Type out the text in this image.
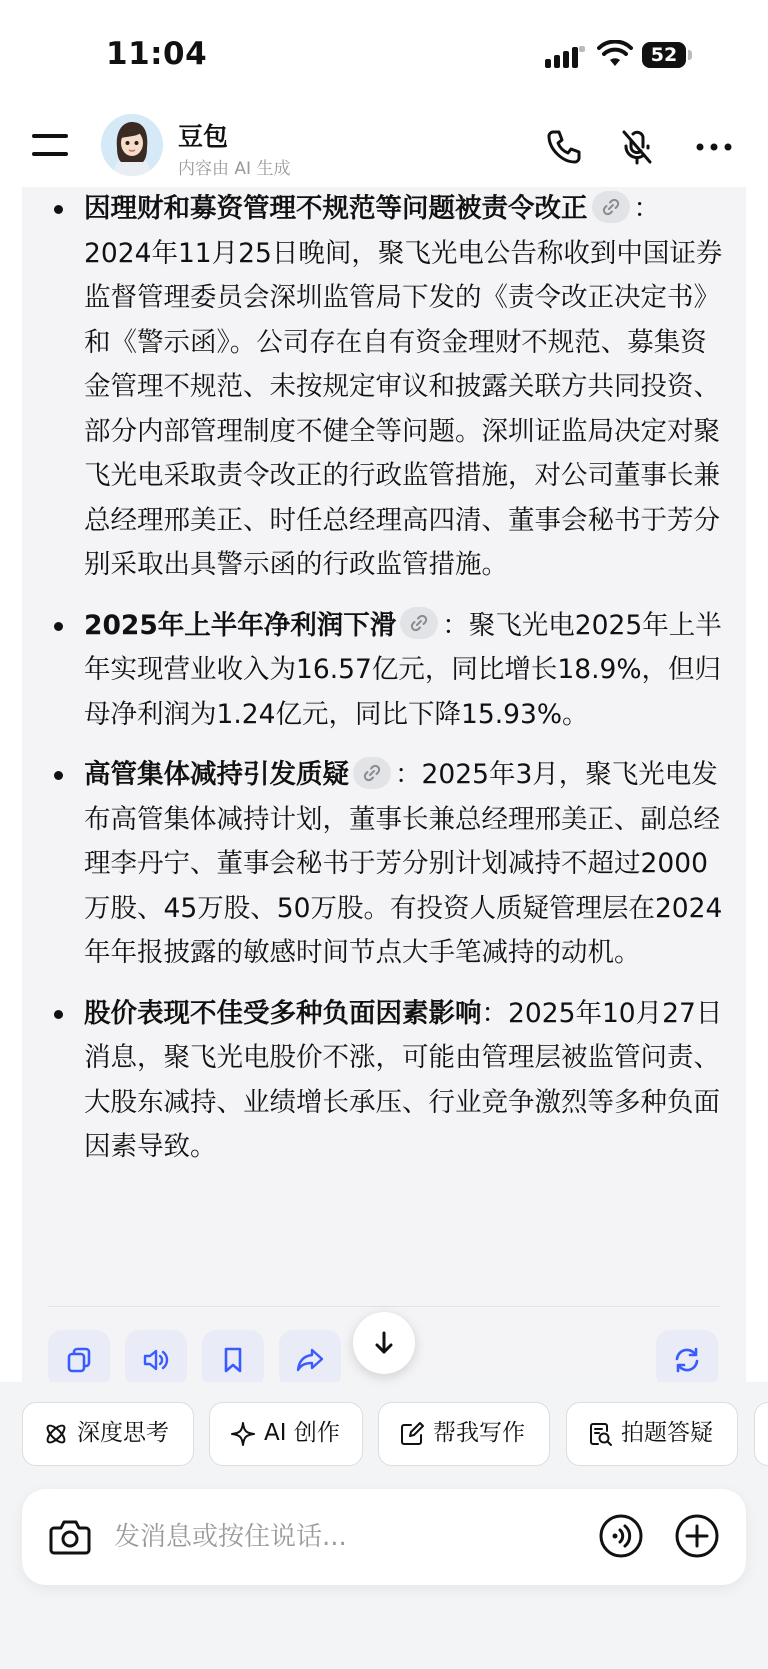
11:04	52
豆包
内容由 AI 生成
因理财和募资管理不规范等问题被责令改正 ：2024年11月25日晚间，聚飞光电公告称收到中国证券监督管理委员会深圳监管局下发的《责令改正决定书》和《警示函》。公司存在自有资金理财不规范、募集资金管理不规范、未按规定审议和披露关联方共同投资、部分内部管理制度不健全等问题。深圳证监局决定对聚飞光电采取责令改正的行政监管措施，对公司董事长兼总经理邢美正、时任总经理高四清、董事会秘书于芳分别采取出具警示函的行政监管措施。
2025年上半年净利润下滑 ：聚飞光电2025年上半年实现营业收入为16.57亿元，同比增长18.9%，但归母净利润为1.24亿元，同比下降15.93%。
高管集体减持引发质疑 ：2025年3月，聚飞光电发布高管集体减持计划，董事长兼总经理邢美正、副总经理李丹宁、董事会秘书于芳分别计划减持不超过2000万股、45万股、50万股。有投资人质疑管理层在2024年年报披露的敏感时间节点大手笔减持的动机。
股价表现不佳受多种负面因素影响：2025年10月27日消息，聚飞光电股价不涨，可能由管理层被监管问责、大股东减持、业绩增长承压、行业竞争激烈等多种负面因素导致。
深度思考	AI 创作	帮我写作	拍题答疑
发消息或按住说话...
